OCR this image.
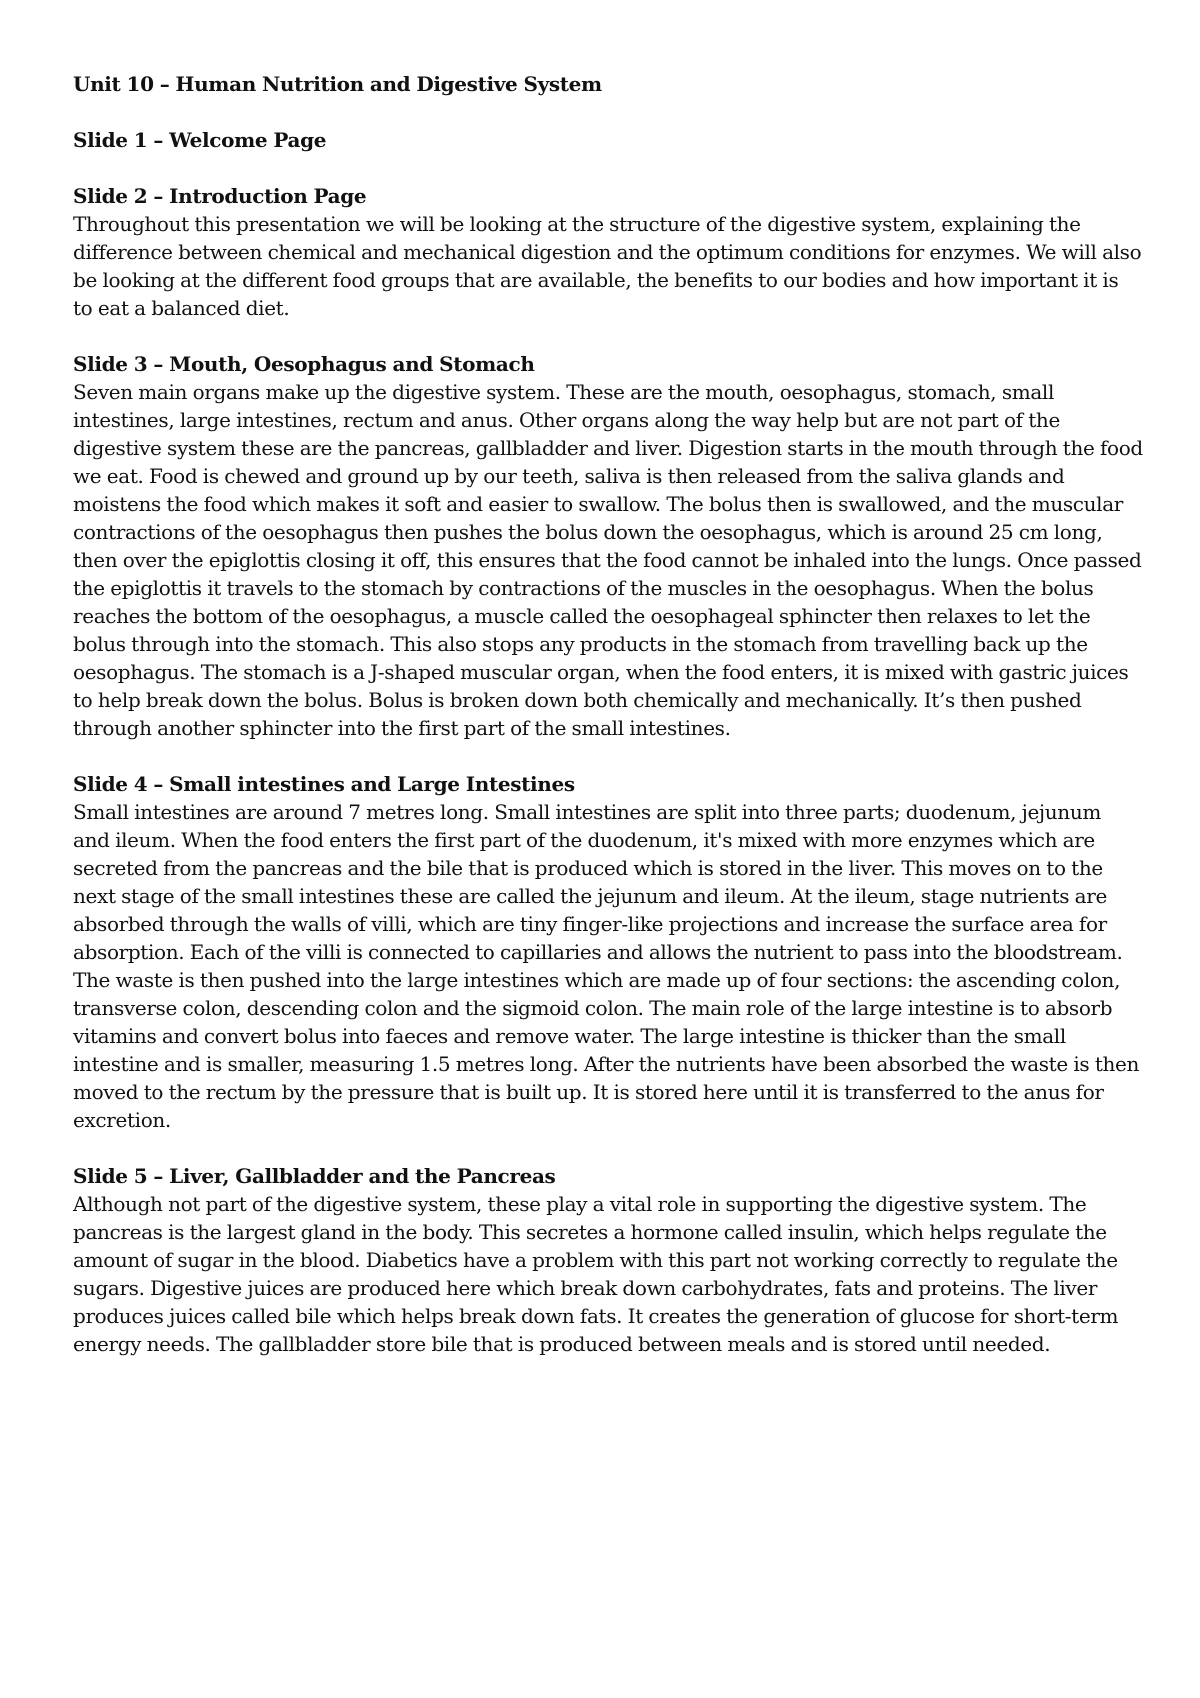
Unit 10 – Human Nutrition and Digestive System

Slide 1 – Welcome Page

Slide 2 – Introduction Page

Throughout this presentation we will be looking at the structure of the digestive system, explaining the difference between chemical and mechanical digestion and the optimum conditions for enzymes. We will also be looking at the different food groups that are available, the benefits to our bodies and how important it is to eat a balanced diet.

Slide 3 – Mouth, Oesophagus and Stomach

Seven main organs make up the digestive system. These are the mouth, oesophagus, stomach, small intestines, large intestines, rectum and anus. Other organs along the way help but are not part of the digestive system these are the pancreas, gallbladder and liver. Digestion starts in the mouth through the food we eat. Food is chewed and ground up by our teeth, saliva is then released from the saliva glands and moistens the food which makes it soft and easier to swallow. The bolus then is swallowed, and the muscular contractions of the oesophagus then pushes the bolus down the oesophagus, which is around 25 cm long, then over the epiglottis closing it off, this ensures that the food cannot be inhaled into the lungs. Once passed the epiglottis it travels to the stomach by contractions of the muscles in the oesophagus. When the bolus reaches the bottom of the oesophagus, a muscle called the oesophageal sphincter then relaxes to let the bolus through into the stomach. This also stops any products in the stomach from travelling back up the oesophagus. The stomach is a J-shaped muscular organ, when the food enters, it is mixed with gastric juices to help break down the bolus. Bolus is broken down both chemically and mechanically. It’s then pushed through another sphincter into the first part of the small intestines.

Slide 4 – Small intestines and Large Intestines

Small intestines are around 7 metres long. Small intestines are split into three parts; duodenum, jejunum and ileum. When the food enters the first part of the duodenum, it's mixed with more enzymes which are secreted from the pancreas and the bile that is produced which is stored in the liver. This moves on to the next stage of the small intestines these are called the jejunum and ileum. At the ileum, stage nutrients are absorbed through the walls of villi, which are tiny finger-like projections and increase the surface area for absorption. Each of the villi is connected to capillaries and allows the nutrient to pass into the bloodstream. The waste is then pushed into the large intestines which are made up of four sections: the ascending colon, transverse colon, descending colon and the sigmoid colon. The main role of the large intestine is to absorb vitamins and convert bolus into faeces and remove water. The large intestine is thicker than the small intestine and is smaller, measuring 1.5 metres long. After the nutrients have been absorbed the waste is then moved to the rectum by the pressure that is built up. It is stored here until it is transferred to the anus for excretion.

Slide 5 – Liver, Gallbladder and the Pancreas

Although not part of the digestive system, these play a vital role in supporting the digestive system. The pancreas is the largest gland in the body. This secretes a hormone called insulin, which helps regulate the amount of sugar in the blood. Diabetics have a problem with this part not working correctly to regulate the sugars. Digestive juices are produced here which break down carbohydrates, fats and proteins. The liver produces juices called bile which helps break down fats. It creates the generation of glucose for short-term energy needs. The gallbladder store bile that is produced between meals and is stored until needed.
